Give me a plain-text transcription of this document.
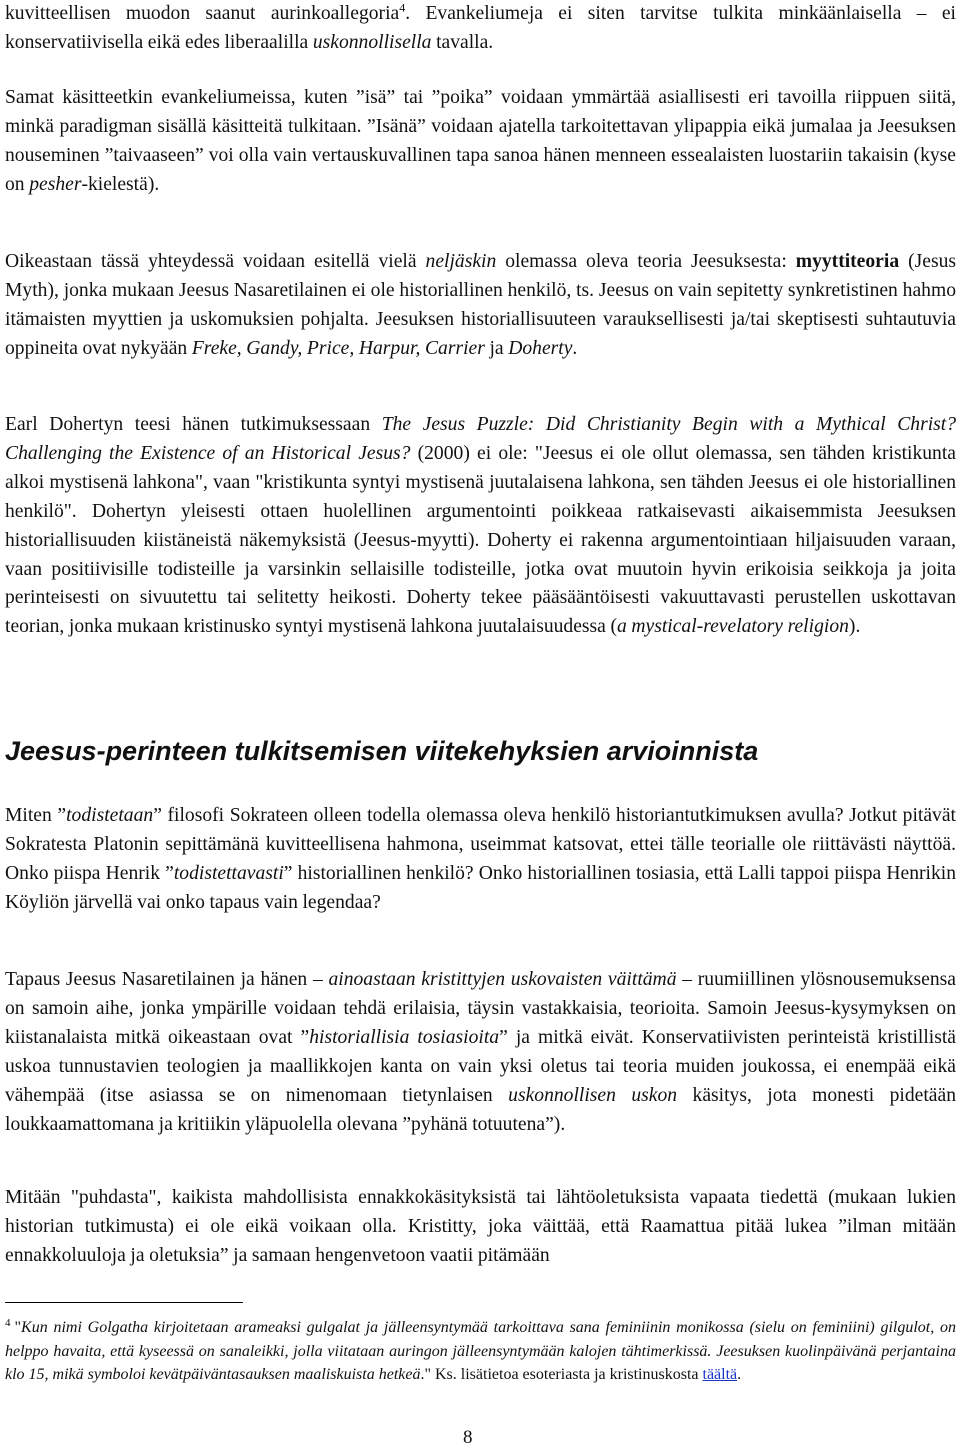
kuvitteellisen muodon saanut aurinkoallegoria$^4$. Evankeliumeja ei siten tarvitse tulkita minkäänlaisella – ei konservatiivisella eikä edes liberaalilla uskonnollisella tavalla.

Samat käsitteetkin evankeliumeissa, kuten ”isä” tai ”poika” voidaan ymmärtää asiallisesti eri tavoilla riippuen siitä, minkä paradigman sisällä käsitteitä tulkitaan. ”Isänä” voidaan ajatella tarkoitettavan ylipappia eikä jumalaa ja Jeesuksen nouseminen ”taivaaseen” voi olla vain vertauskuvallinen tapa sanoa hänen menneen essealaisten luostariin takaisin (kyse on pesher-kielestä).

Oikeastaan tässä yhteydessä voidaan esitellä vielä neljäskin olemassa oleva teoria Jeesuksesta: myyttiteoria (Jesus Myth), jonka mukaan Jeesus Nasaretilainen ei ole historiallinen henkilö, ts. Jeesus on vain sepitetty synkretistinen hahmo itämaisten myyttien ja uskomuksien pohjalta. Jeesuksen historiallisuuteen varauksellisesti ja/tai skeptisesti suhtautuvia oppineita ovat nykyään Freke, Gandy, Price, Harpur, Carrier ja Doherty.

Earl Dohertyn teesi hänen tutkimuksessaan The Jesus Puzzle: Did Christianity Begin with a Mythical Christ? Challenging the Existence of an Historical Jesus? (2000) ei ole: "Jeesus ei ole ollut olemassa, sen tähden kristikunta alkoi mystisenä lahkona", vaan "kristikunta syntyi mystisenä juutalaisena lahkona, sen tähden Jeesus ei ole historiallinen henkilö". Dohertyn yleisesti ottaen huolellinen argumentointi poikkeaa ratkaisevasti aikaisemmista Jeesuksen historiallisuuden kiistäneistä näkemyksistä (Jeesus-myytti). Doherty ei rakenna argumentointiaan hiljaisuuden varaan, vaan positiivisille todisteille ja varsinkin sellaisille todisteille, jotka ovat muutoin hyvin erikoisia seikkoja ja joita perinteisesti on sivuutettu tai selitetty heikosti. Doherty tekee pääsääntöisesti vakuuttavasti perustellen uskottavan teorian, jonka mukaan kristinusko syntyi mystisenä lahkona juutalaisuudessa (a mystical-revelatory religion).

Jeesus-perinteen tulkitsemisen viitekehyksien arvioinnista

Miten ”todistetaan” filosofi Sokrateen olleen todella olemassa oleva henkilö historiantutkimuksen avulla? Jotkut pitävät Sokratesta Platonin sepittämänä kuvitteellisena hahmona, useimmat katsovat, ettei tälle teorialle ole riittävästi näyttöä. Onko piispa Henrik ”todistettavasti” historiallinen henkilö? Onko historiallinen tosiasia, että Lalli tappoi piispa Henrikin Köyliön järvellä vai onko tapaus vain legendaa?

Tapaus Jeesus Nasaretilainen ja hänen – ainoastaan kristittyjen uskovaisten väittämä – ruumiillinen ylösnousemuksensa on samoin aihe, jonka ympärille voidaan tehdä erilaisia, täysin vastakkaisia, teorioita. Samoin Jeesus-kysymyksen on kiistanalaista mitkä oikeastaan ovat ”historiallisia tosiasioita” ja mitkä eivät. Konservatiivisten perinteistä kristillistä uskoa tunnustavien teologien ja maallikkojen kanta on vain yksi oletus tai teoria muiden joukossa, ei enempää eikä vähempää (itse asiassa se on nimenomaan tietynlaisen uskonnollisen uskon käsitys, jota monesti pidetään loukkaamattomana ja kritiikin yläpuolella olevana ”pyhänä totuutena”).

Mitään "puhdasta", kaikista mahdollisista ennakkokäsityksistä tai lähtöoletuksista vapaata tiedettä (mukaan lukien historian tutkimusta) ei ole eikä voikaan olla. Kristitty, joka väittää, että Raamattua pitää lukea ”ilman mitään ennakkoluuloja ja oletuksia” ja samaan hengenvetoon vaatii pitämään

$^4$ "Kun nimi Golgatha kirjoitetaan arameaksi gulgalat ja jälleensyntymää tarkoittava sana feminiinin monikossa (sielu on feminiini) gilgulot, on helppo havaita, että kyseessä on sanaleikki, jolla viitataan auringon jälleensyntymään kalojen tähtimerkissä. Jeesuksen kuolinpäivänä perjantaina klo 15, mikä symboloi kevätpäiväntasauksen maaliskuista hetkeä." Ks. lisätietoa esoteriasta ja kristinuskosta täältä.

8
